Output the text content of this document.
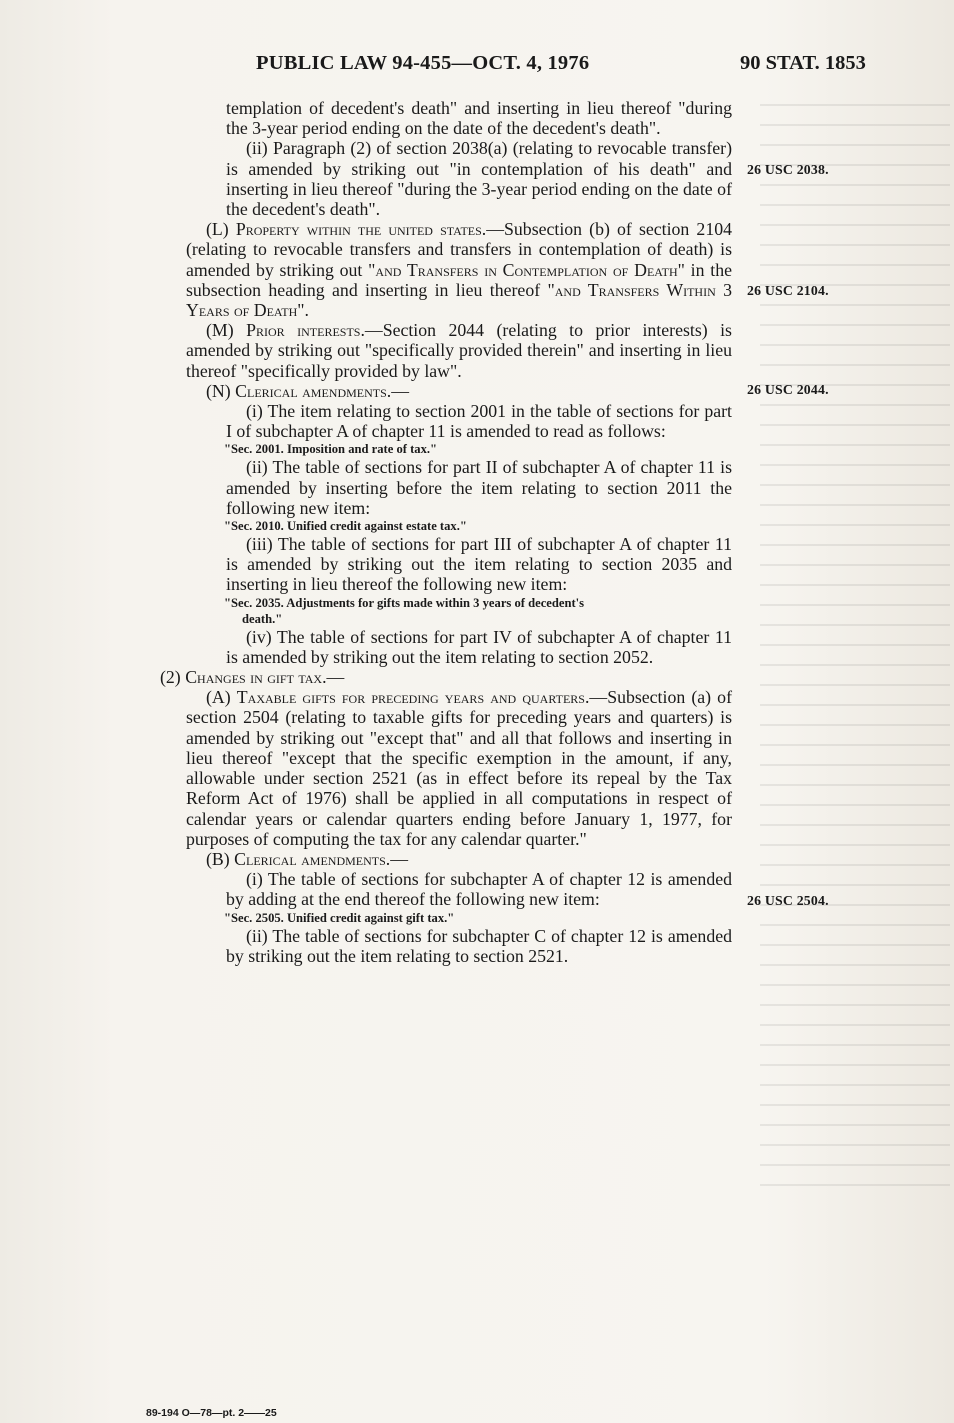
PUBLIC LAW 94-455—OCT. 4, 1976	90 STAT. 1853
26 USC 2038.
26 USC 2104.
26 USC 2044.
26 USC 2504.

templation of decedent's death" and inserting in lieu thereof "during the 3-year period ending on the date of the decedent's death".

(ii) Paragraph (2) of section 2038(a) (relating to revocable transfer) is amended by striking out "in contemplation of his death" and inserting in lieu thereof "during the 3-year period ending on the date of the decedent's death".

(L) Property within the united states.—Subsection (b) of section 2104 (relating to revocable transfers and transfers in contemplation of death) is amended by striking out "and Transfers in Contemplation of Death" in the subsection heading and inserting in lieu thereof "and Transfers Within 3 Years of Death".

(M) Prior interests.—Section 2044 (relating to prior interests) is amended by striking out "specifically provided therein" and inserting in lieu thereof "specifically provided by law".

(N) Clerical amendments.—

(i) The item relating to section 2001 in the table of sections for part I of subchapter A of chapter 11 is amended to read as follows:

"Sec. 2001. Imposition and rate of tax."

(ii) The table of sections for part II of subchapter A of chapter 11 is amended by inserting before the item relating to section 2011 the following new item:

"Sec. 2010. Unified credit against estate tax."

(iii) The table of sections for part III of subchapter A of chapter 11 is amended by striking out the item relating to section 2035 and inserting in lieu thereof the following new item:

"Sec. 2035. Adjustments for gifts made within 3 years of decedent's
death."

(iv) The table of sections for part IV of subchapter A of chapter 11 is amended by striking out the item relating to section 2052.

(2) Changes in gift tax.—

(A) Taxable gifts for preceding years and quarters.—Subsection (a) of section 2504 (relating to taxable gifts for preceding years and quarters) is amended by striking out "except that" and all that follows and inserting in lieu thereof "except that the specific exemption in the amount, if any, allowable under section 2521 (as in effect before its repeal by the Tax Reform Act of 1976) shall be applied in all computations in respect of calendar years or calendar quarters ending before January 1, 1977, for purposes of computing the tax for any calendar quarter."

(B) Clerical amendments.—

(i) The table of sections for subchapter A of chapter 12 is amended by adding at the end thereof the following new item:

"Sec. 2505. Unified credit against gift tax."

(ii) The table of sections for subchapter C of chapter 12 is amended by striking out the item relating to section 2521.

89-194 O—78—pt. 2——25
